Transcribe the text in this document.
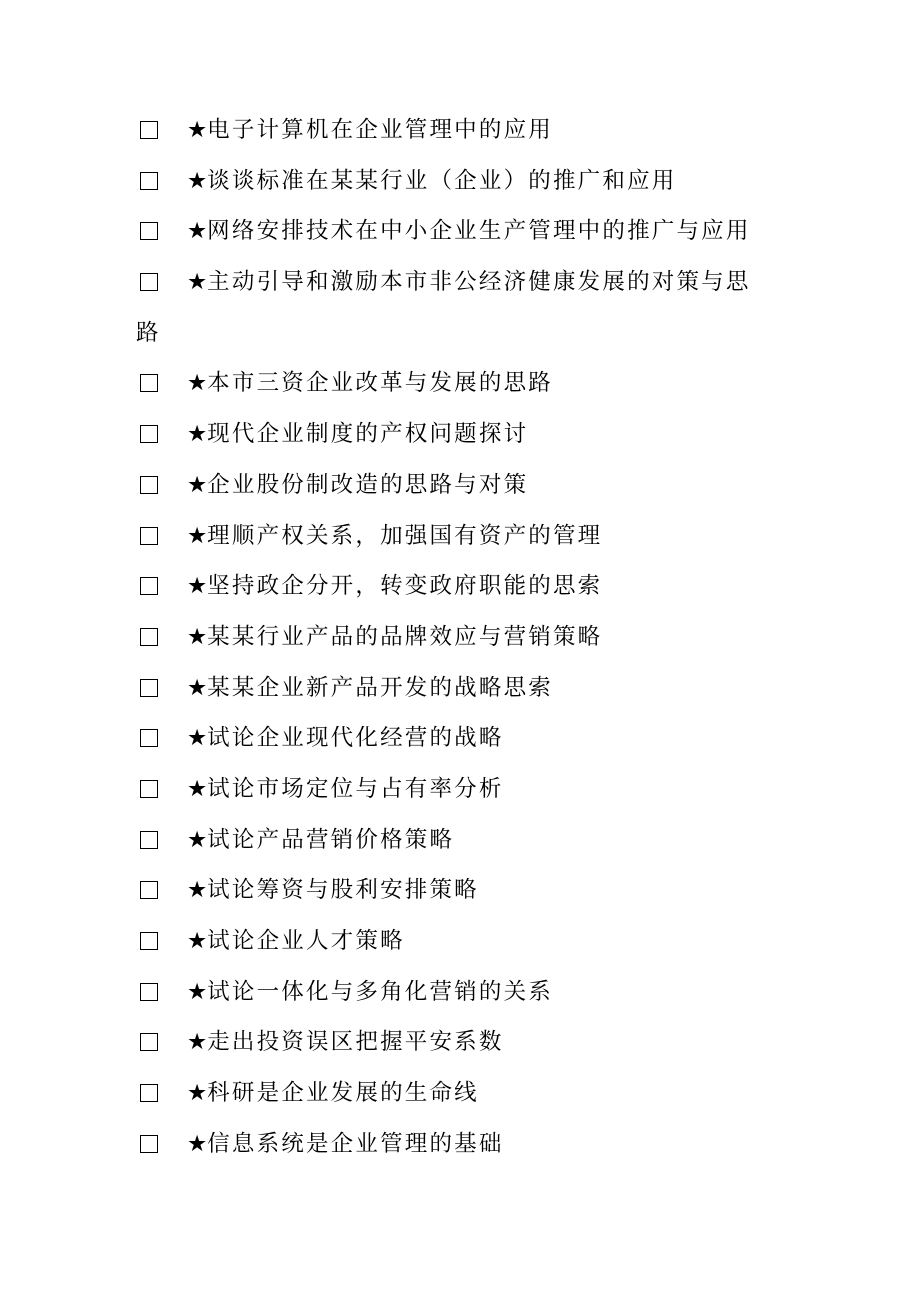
★电子计算机在企业管理中的应用
★谈谈标准在某某行业（企业）的推广和应用
★网络安排技术在中小企业生产管理中的推广与应用
★主动引导和激励本市非公经济健康发展的对策与思
路
★本市三资企业改革与发展的思路
★现代企业制度的产权问题探讨
★企业股份制改造的思路与对策
★理顺产权关系，加强国有资产的管理
★坚持政企分开，转变政府职能的思索
★某某行业产品的品牌效应与营销策略
★某某企业新产品开发的战略思索
★试论企业现代化经营的战略
★试论市场定位与占有率分析
★试论产品营销价格策略
★试论筹资与股利安排策略
★试论企业人才策略
★试论一体化与多角化营销的关系
★走出投资误区把握平安系数
★科研是企业发展的生命线
★信息系统是企业管理的基础
